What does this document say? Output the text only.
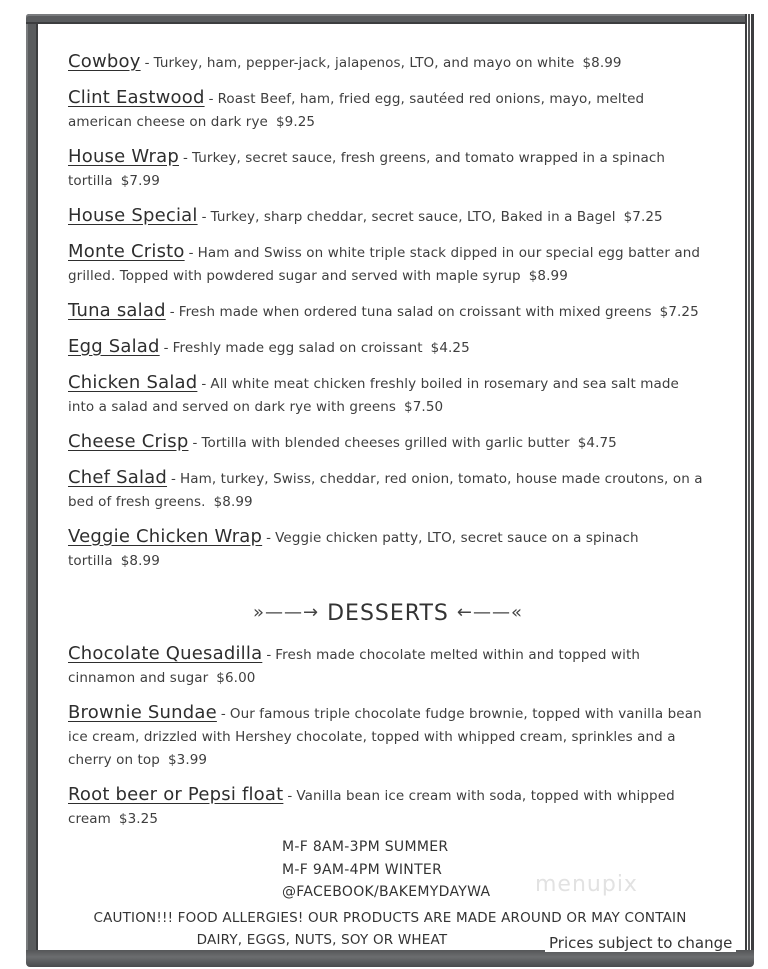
Cowboy - Turkey, ham, pepper-jack, jalapenos, LTO, and mayo on white $8.99
Clint Eastwood - Roast Beef, ham, fried egg, sautéed red onions, mayo, melted american cheese on dark rye $9.25
House Wrap - Turkey, secret sauce, fresh greens, and tomato wrapped in a spinach tortilla $7.99
House Special - Turkey, sharp cheddar, secret sauce, LTO, Baked in a Bagel $7.25
Monte Cristo - Ham and Swiss on white triple stack dipped in our special egg batter and grilled. Topped with powdered sugar and served with maple syrup $8.99
Tuna salad - Fresh made when ordered tuna salad on croissant with mixed greens $7.25
Egg Salad - Freshly made egg salad on croissant $4.25
Chicken Salad - All white meat chicken freshly boiled in rosemary and sea salt made into a salad and served on dark rye with greens $7.50
Cheese Crisp - Tortilla with blended cheeses grilled with garlic butter $4.75
Chef Salad - Ham, turkey, Swiss, cheddar, red onion, tomato, house made croutons, on a bed of fresh greens. $8.99
Veggie Chicken Wrap - Veggie chicken patty, LTO, secret sauce on a spinach tortilla $8.99
»——→ DESSERTS ←——«
Chocolate Quesadilla - Fresh made chocolate melted within and topped with cinnamon and sugar $6.00
Brownie Sundae - Our famous triple chocolate fudge brownie, topped with vanilla bean ice cream, drizzled with Hershey chocolate, topped with whipped cream, sprinkles and a cherry on top $3.99
Root beer or Pepsi float - Vanilla bean ice cream with soda, topped with whipped cream $3.25
M-F 8AM-3PM SUMMER
M-F 9AM-4PM WINTER
@FACEBOOK/BAKEMYDAYWA menupix
CAUTION!!! FOOD ALLERGIES! OUR PRODUCTS ARE MADE AROUND OR MAY CONTAIN
DAIRY, EGGS, NUTS, SOY OR WHEAT	Prices subject to change
